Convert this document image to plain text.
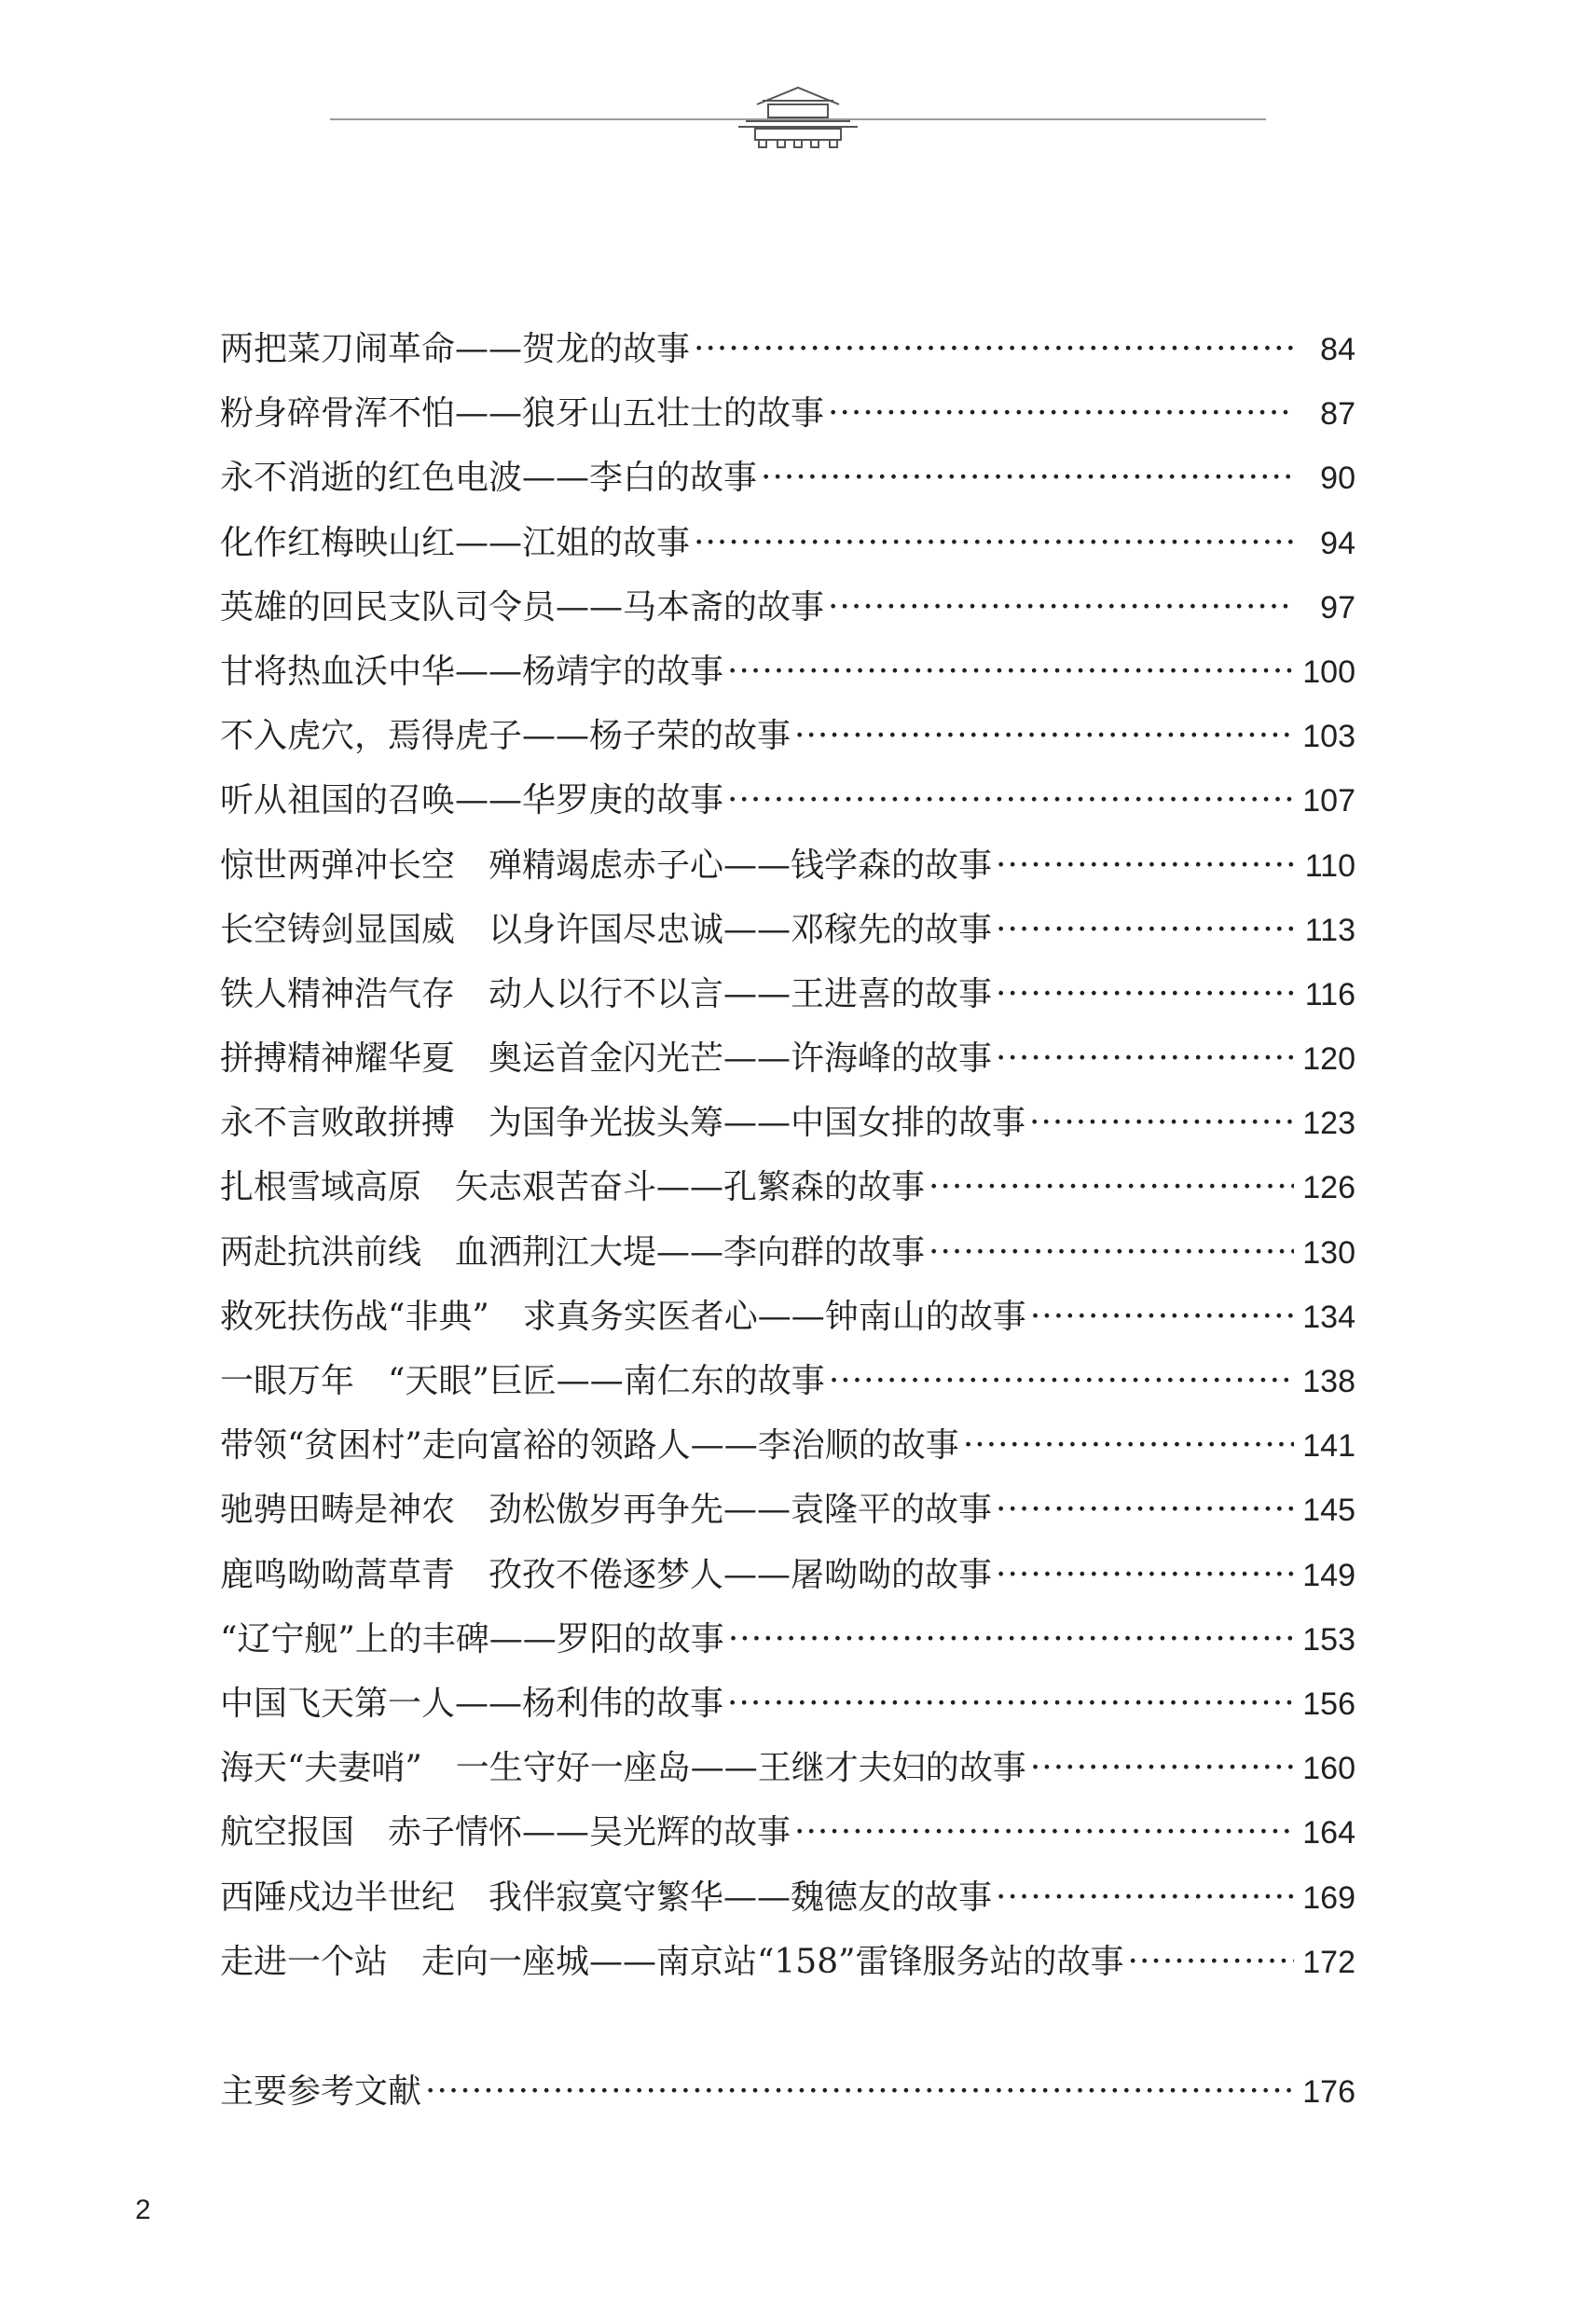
两把菜刀闹革命——贺龙的故事 ·····	84
粉身碎骨浑不怕——狼牙山五壮士的故事 ·····	87
永不消逝的红色电波——李白的故事 ·····	90
化作红梅映山红——江姐的故事 ·····	94
英雄的回民支队司令员——马本斋的故事 ·····	97
甘将热血沃中华——杨靖宇的故事 ·····	100
不入虎穴，焉得虎子——杨子荣的故事 ·····	103
听从祖国的召唤——华罗庚的故事 ·····	107
惊世两弹冲长空　殚精竭虑赤子心——钱学森的故事 ·····	110
长空铸剑显国威　以身许国尽忠诚——邓稼先的故事 ·····	113
铁人精神浩气存　动人以行不以言——王进喜的故事 ·····	116
拼搏精神耀华夏　奥运首金闪光芒——许海峰的故事 ·····	120
永不言败敢拼搏　为国争光拔头筹——中国女排的故事 ·····	123
扎根雪域高原　矢志艰苦奋斗——孔繁森的故事 ·····	126
两赴抗洪前线　血洒荆江大堤——李向群的故事 ·····	130
救死扶伤战“非典”　求真务实医者心——钟南山的故事 ·····	134
一眼万年　“天眼”巨匠——南仁东的故事 ·····	138
带领“贫困村”走向富裕的领路人——李治顺的故事 ·····	141
驰骋田畴是神农　劲松傲岁再争先——袁隆平的故事 ·····	145
鹿鸣呦呦蒿草青　孜孜不倦逐梦人——屠呦呦的故事 ·····	149
“辽宁舰”上的丰碑——罗阳的故事 ·····	153
中国飞天第一人——杨利伟的故事 ·····	156
海天“夫妻哨”　一生守好一座岛——王继才夫妇的故事 ·····	160
航空报国　赤子情怀——吴光辉的故事 ·····	164
西陲戍边半世纪　我伴寂寞守繁华——魏德友的故事 ·····	169
走进一个站　走向一座城——南京站“158”雷锋服务站的故事 ·····	172
主要参考文献 ·····	176
2
